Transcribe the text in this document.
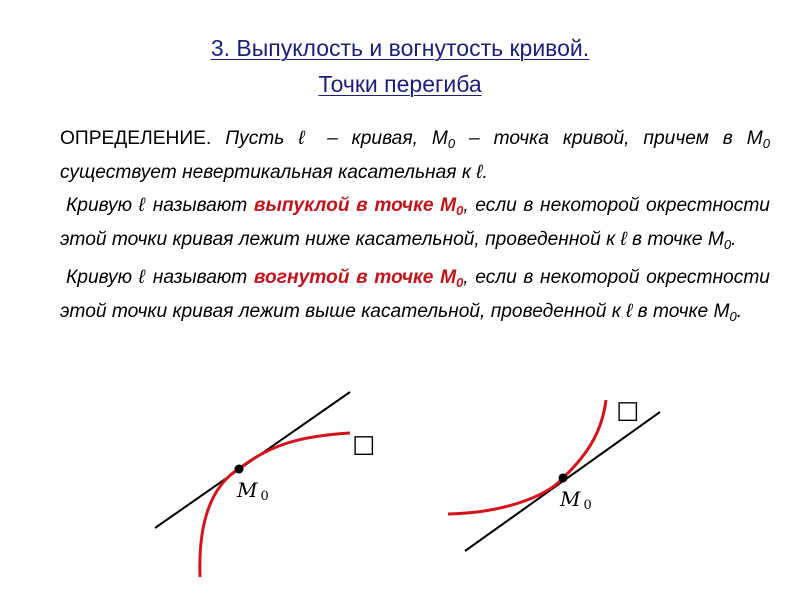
3. Выпуклость и вогнутость кривой.
Точки перегиба

ОПРЕДЕЛЕНИЕ. Пусть ℓ – кривая, $M_0$ – точка кривой, причем в $M_0$ существует невертикальная касательная к ℓ.

Кривую ℓ называют выпуклой в точке $M_0$, если в некоторой окрестности этой точки кривая лежит ниже касательной, проведенной к ℓ в точке $M_0$.

Кривую ℓ называют вогнутой в точке $M_0$, если в некоторой окрестности этой точки кривая лежит выше касательной, проведенной к ℓ в точке $M_0$.

M 0	M 0
☐
☐
